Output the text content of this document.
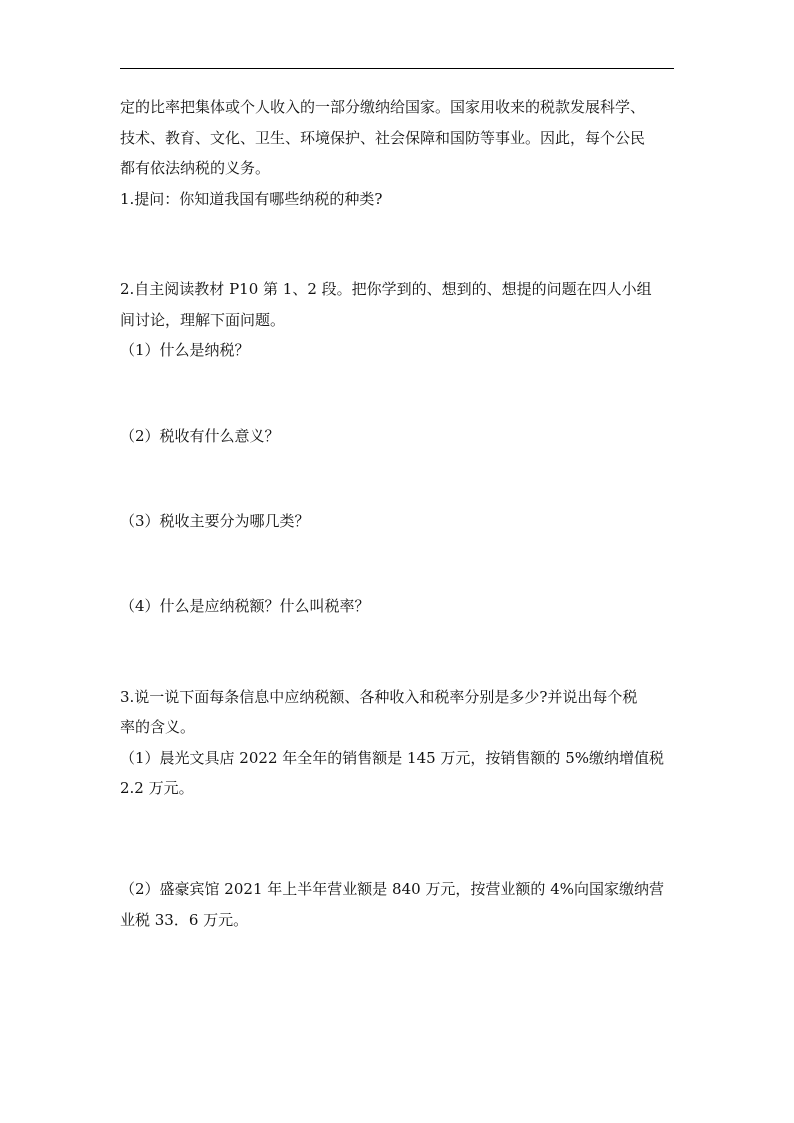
定的比率把集体或个人收入的一部分缴纳给国家。国家用收来的税款发展科学、
技术、教育、文化、卫生、环境保护、社会保障和国防等事业。因此，每个公民
都有依法纳税的义务。
1.提问：你知道我国有哪些纳税的种类?
2.自主阅读教材 P10 第 1、2 段。把你学到的、想到的、想提的问题在四人小组
间讨论，理解下面问题。
（1）什么是纳税？
（2）税收有什么意义？
（3）税收主要分为哪几类？
（4）什么是应纳税额？什么叫税率？
3.说一说下面每条信息中应纳税额、各种收入和税率分别是多少?并说出每个税
率的含义。
（1）晨光文具店 2022 年全年的销售额是 145 万元，按销售额的 5%缴纳增值税
2.2 万元。
（2）盛豪宾馆 2021 年上半年营业额是 840 万元，按营业额的 4%向国家缴纳营
业税 33．6 万元。
